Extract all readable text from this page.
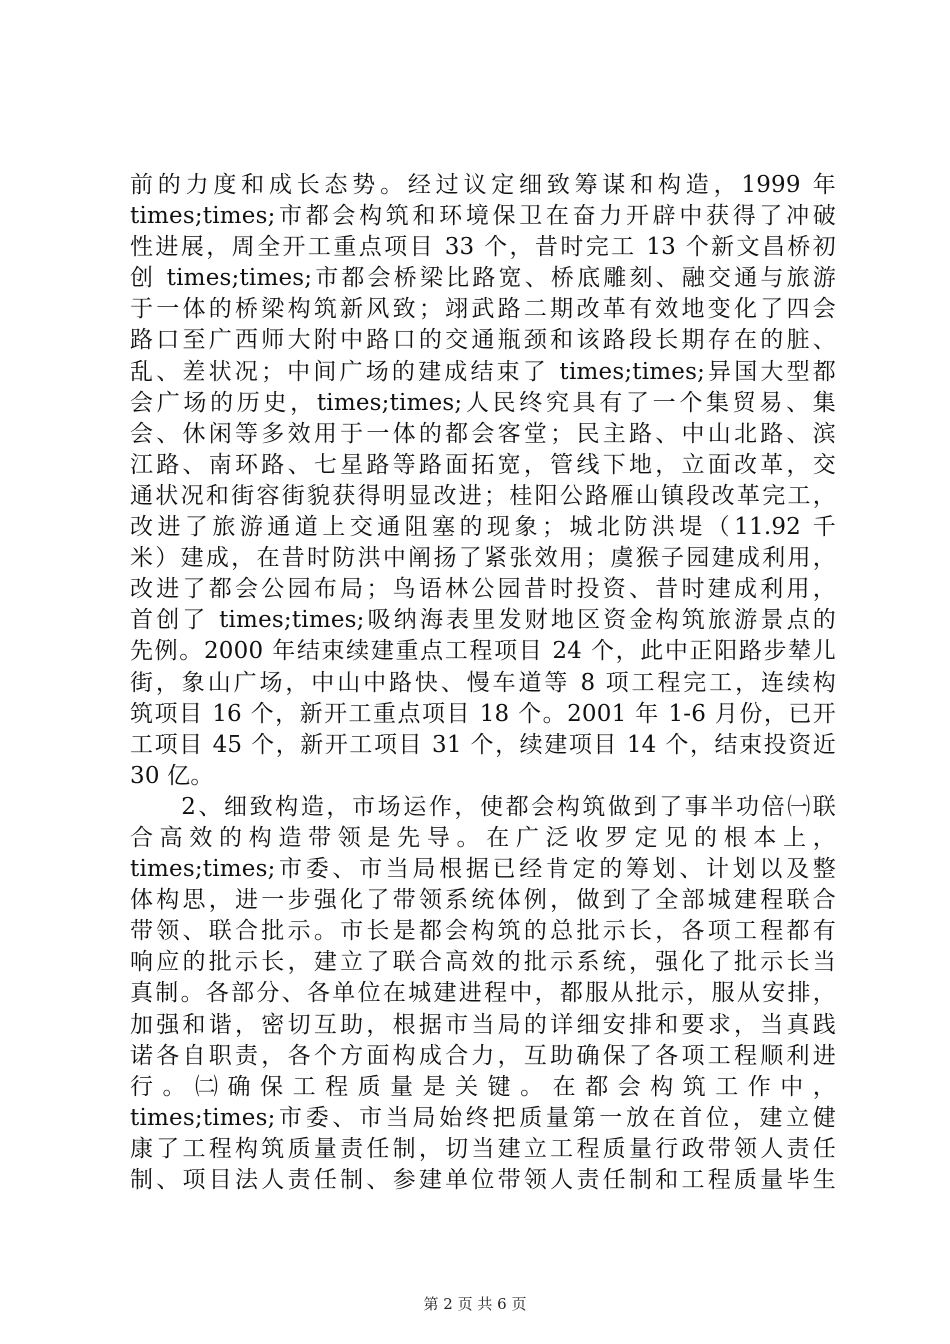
前的力度和成长态势。经过议定细致筹谋和构造，1999 年
times;times;市都会构筑和环境保卫在奋力开辟中获得了冲破
性进展，周全开工重点项目 33 个，昔时完工 13 个新文昌桥初
创 times;times;市都会桥梁比路宽、桥底雕刻、融交通与旅游
于一体的桥梁构筑新风致；翊武路二期改革有效地变化了四会
路口至广西师大附中路口的交通瓶颈和该路段长期存在的脏、
乱、差状况；中间广场的建成结束了 times;times;异国大型都
会广场的历史，times;times;人民终究具有了一个集贸易、集
会、休闲等多效用于一体的都会客堂；民主路、中山北路、滨
江路、南环路、七星路等路面拓宽，管线下地，立面改革，交
通状况和街容街貌获得明显改进；桂阳公路雁山镇段改革完工，
改进了旅游通道上交通阻塞的现象；城北防洪堤（11.92 千
米）建成，在昔时防洪中阐扬了紧张效用；虞猴子园建成利用，
改进了都会公园布局；鸟语林公园昔时投资、昔时建成利用，
首创了 times;times;吸纳海表里发财地区资金构筑旅游景点的
先例。2000 年结束续建重点工程项目 24 个，此中正阳路步辇儿
街，象山广场，中山中路快、慢车道等 8 项工程完工，连续构
筑项目 16 个，新开工重点项目 18 个。2001 年 1-6 月份，已开
工项目 45 个，新开工项目 31 个，续建项目 14 个，结束投资近
30 亿。
　　2、细致构造，市场运作，使都会构筑做到了事半功倍㈠联
合高效的构造带领是先导。在广泛收罗定见的根本上，
times;times;市委、市当局根据已经肯定的筹划、计划以及整
体构思，进一步强化了带领系统体例，做到了全部城建程联合
带领、联合批示。市长是都会构筑的总批示长，各项工程都有
响应的批示长，建立了联合高效的批示系统，强化了批示长当
真制。各部分、各单位在城建进程中，都服从批示，服从安排，
加强和谐，密切互助，根据市当局的详细安排和要求，当真践
诺各自职责，各个方面构成合力，互助确保了各项工程顺利进
行。㈡确保工程质量是关键。在都会构筑工作中，
times;times;市委、市当局始终把质量第一放在首位，建立健
康了工程构筑质量责任制，切当建立工程质量行政带领人责任
制、项目法人责任制、参建单位带领人责任制和工程质量毕生
第 2 页 共 6 页
